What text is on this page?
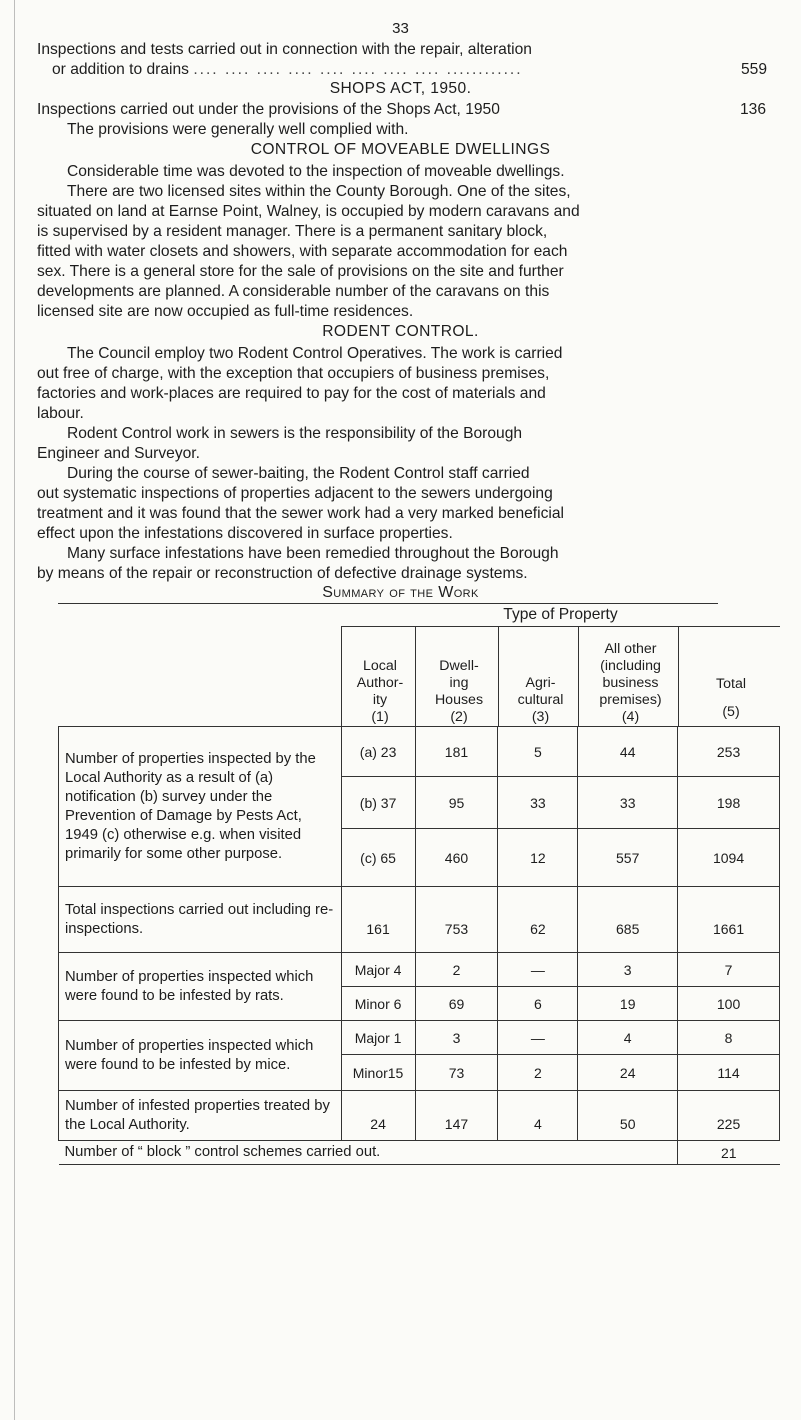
33
Inspections and tests carried out in connection with the repair, alteration
or addition to drains .... .... .... .... .... .... .... .... ............	559
SHOPS ACT, 1950.
Inspections carried out under the provisions of the Shops Act, 1950	136
The provisions were generally well complied with.
CONTROL OF MOVEABLE DWELLINGS
Considerable time was devoted to the inspection of moveable dwellings.
There are two licensed sites within the County Borough. One of the sites,
situated on land at Earnse Point, Walney, is occupied by modern caravans and
is supervised by a resident manager. There is a permanent sanitary block,
fitted with water closets and showers, with separate accommodation for each
sex. There is a general store for the sale of provisions on the site and further
developments are planned. A considerable number of the caravans on this
licensed site are now occupied as full-time residences.
RODENT CONTROL.
The Council employ two Rodent Control Operatives. The work is carried
out free of charge, with the exception that occupiers of business premises,
factories and work-places are required to pay for the cost of materials and
labour.
Rodent Control work in sewers is the responsibility of the Borough
Engineer and Surveyor.
During the course of sewer-baiting, the Rodent Control staff carried
out systematic inspections of properties adjacent to the sewers undergoing
treatment and it was found that the sewer work had a very marked beneficial
effect upon the infestations discovered in surface properties.
Many surface infestations have been remedied throughout the Borough
by means of the repair or reconstruction of defective drainage systems.
Summary of the Work
Type of Property
Local
Author-
ity
(1)
Dwell-
ing
Houses
(2)
Agri-
cultural
(3)
All other
(including
business
premises)
(4)
Total
(5)
Number of properties inspected by the Local Authority as a result of (a) notification (b) survey under the Prevention of Damage by Pests Act, 1949 (c) otherwise e.g. when visited primarily for some other purpose.	(a) 23	181	5	44	253
	(b) 37	95	33	33	198
	(c) 65	460	12	557	1094
Total inspections carried out including re-inspections.	161	753	62	685	1661
Number of properties inspected which were found to be infested by rats.	Major 4	2	—	3	7
	Minor 6	69	6	19	100
Number of properties inspected which were found to be infested by mice.	Major 1	3	—	4	8
	Minor15	73	2	24	114
Number of infested properties treated by the Local Authority.	24	147	4	50	225
Number of “ block ” control schemes carried out.					21
